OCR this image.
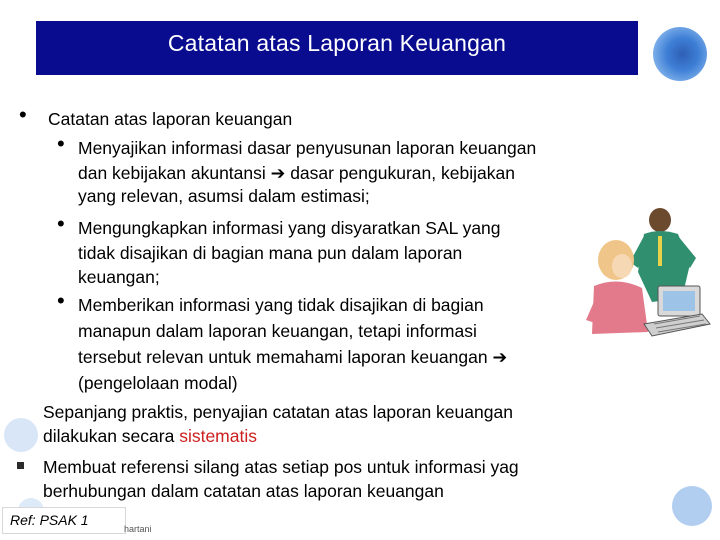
Catatan atas Laporan Keuangan
• Catatan atas laporan keuangan
• Menyajikan informasi dasar penyusunan laporan keuangan
dan kebijakan akuntansi ➔ dasar pengukuran, kebijakan
yang relevan, asumsi dalam estimasi;
• Mengungkapkan informasi yang disyaratkan SAL yang
tidak disajikan di bagian mana pun dalam laporan
keuangan;
• Memberikan informasi yang tidak disajikan di bagian
manapun dalam laporan keuangan, tetapi informasi
tersebut relevan untuk memahami laporan keuangan ➔
(pengelolaan modal)
Sepanjang praktis, penyajian catatan atas laporan keuangan
dilakukan secara sistematis
Membuat referensi silang atas setiap pos untuk informasi yag
berhubungan dalam catatan atas laporan keuangan
Ref: PSAK 1
hartani
